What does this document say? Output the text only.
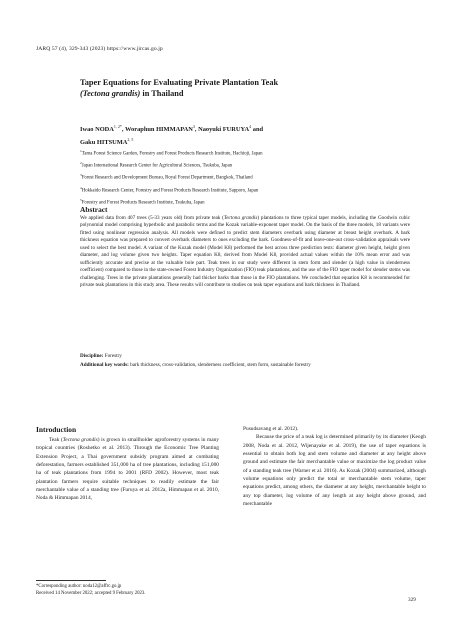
JARQ 57 (4), 329-343 (2023) https://www.jircas.go.jp
Taper Equations for Evaluating Private Plantation Teak
(Tectona grandis) in Thailand
Iwao $NODA^{1, 2*}$, Woraphun HIMMAPAN$^3$, Naoyuki FURUYA$^4$ and
Gaku HITSUMA$^{2, 5}$
$^1$Tama Forest Science Garden, Forestry and Forest Products Research Institute, Hachioji, Japan
$^2$Japan International Research Center for Agricultural Sciences, Tsukuba, Japan
$^3$Forest Research and Development Bureau, Royal Forest Department, Bangkok, Thailand
$^4$Hokkaido Research Center, Forestry and Forest Products Research Institute, Sapporo, Japan
$^5$Forestry and Forest Products Research Institute, Tsukuba, Japan
Abstract
We applied data from 407 trees (5-33 years old) from private teak (Tectona grandis) plantations to three typical taper models, including the Goodwin cubic polynomial model comprising hyperbolic and parabolic terms and the Kozak variable-exponent taper model. On the basis of the three models, 18 variants were fitted using nonlinear regression analysis. All models were defined to predict stem diameters overbark using diameter at breast height overbark. A bark thickness equation was prepared to convert overbark diameters to ones excluding the bark. Goodness-of-fit and leave-one-out cross-validation appraisals were used to select the best model. A variant of the Kozak model (Model K8) performed the best across three prediction tests: diameter given height, height given diameter, and log volume given two heights. Taper equation K8, derived from Model K8, provided actual values within the 10% mean error and was sufficiently accurate and precise at the valuable bole part. Teak trees in our study were different in stem form and slender (a high value in slenderness coefficient) compared to those in the state-owned Forest Industry Organization (FIO) teak plantations, and the use of the FIO taper model for slender stems was challenging. Trees in the private plantations generally had thicker barks than those in the FIO plantations. We concluded that equation K8 is recommended for private teak plantations in this study area. These results will contribute to studies on teak taper equations and bark thickness in Thailand.
Discipline: Forestry
Additional key words: bark thickness, cross-validation, slenderness coefficient, stem form, sustainable forestry
Introduction

Teak (Tectona grandis) is grown in smallholder agroforestry systems in many tropical countries (Roshetko et al. 2013). Through the Economic Tree Planting Extension Project, a Thai government subsidy program aimed at combating deforestation, farmers established 351,000 ha of tree plantations, including 151,000 ha of teak plantations from 1994 to 2001 (RFD 2002). However, most teak plantation farmers require suitable techniques to readily estimate the fair merchantable value of a standing tree (Furuya et al. 2012a, Himmapan et al. 2010, Noda & Himmapan 2014,

Pusudsavang et al. 2012).

Because the price of a teak log is determined primarily by its diameter (Keogh 2008, Noda et al. 2012, Wijenayake et al. 2019), the use of taper equations is essential to obtain both log and stem volume and diameter at any height above ground and estimate the fair merchantable value or maximize the log product value of a standing teak tree (Warner et al. 2016). As Kozak (2004) summarized, although volume equations only predict the total or merchantable stem volume, taper equations predict, among others, the diameter at any height, merchantable height to any top diameter, log volume of any length at any height above ground, and merchantable

*Corresponding author: noda12@affrc.go.jp
Received 14 November 2022; accepted 9 February 2023.
329
